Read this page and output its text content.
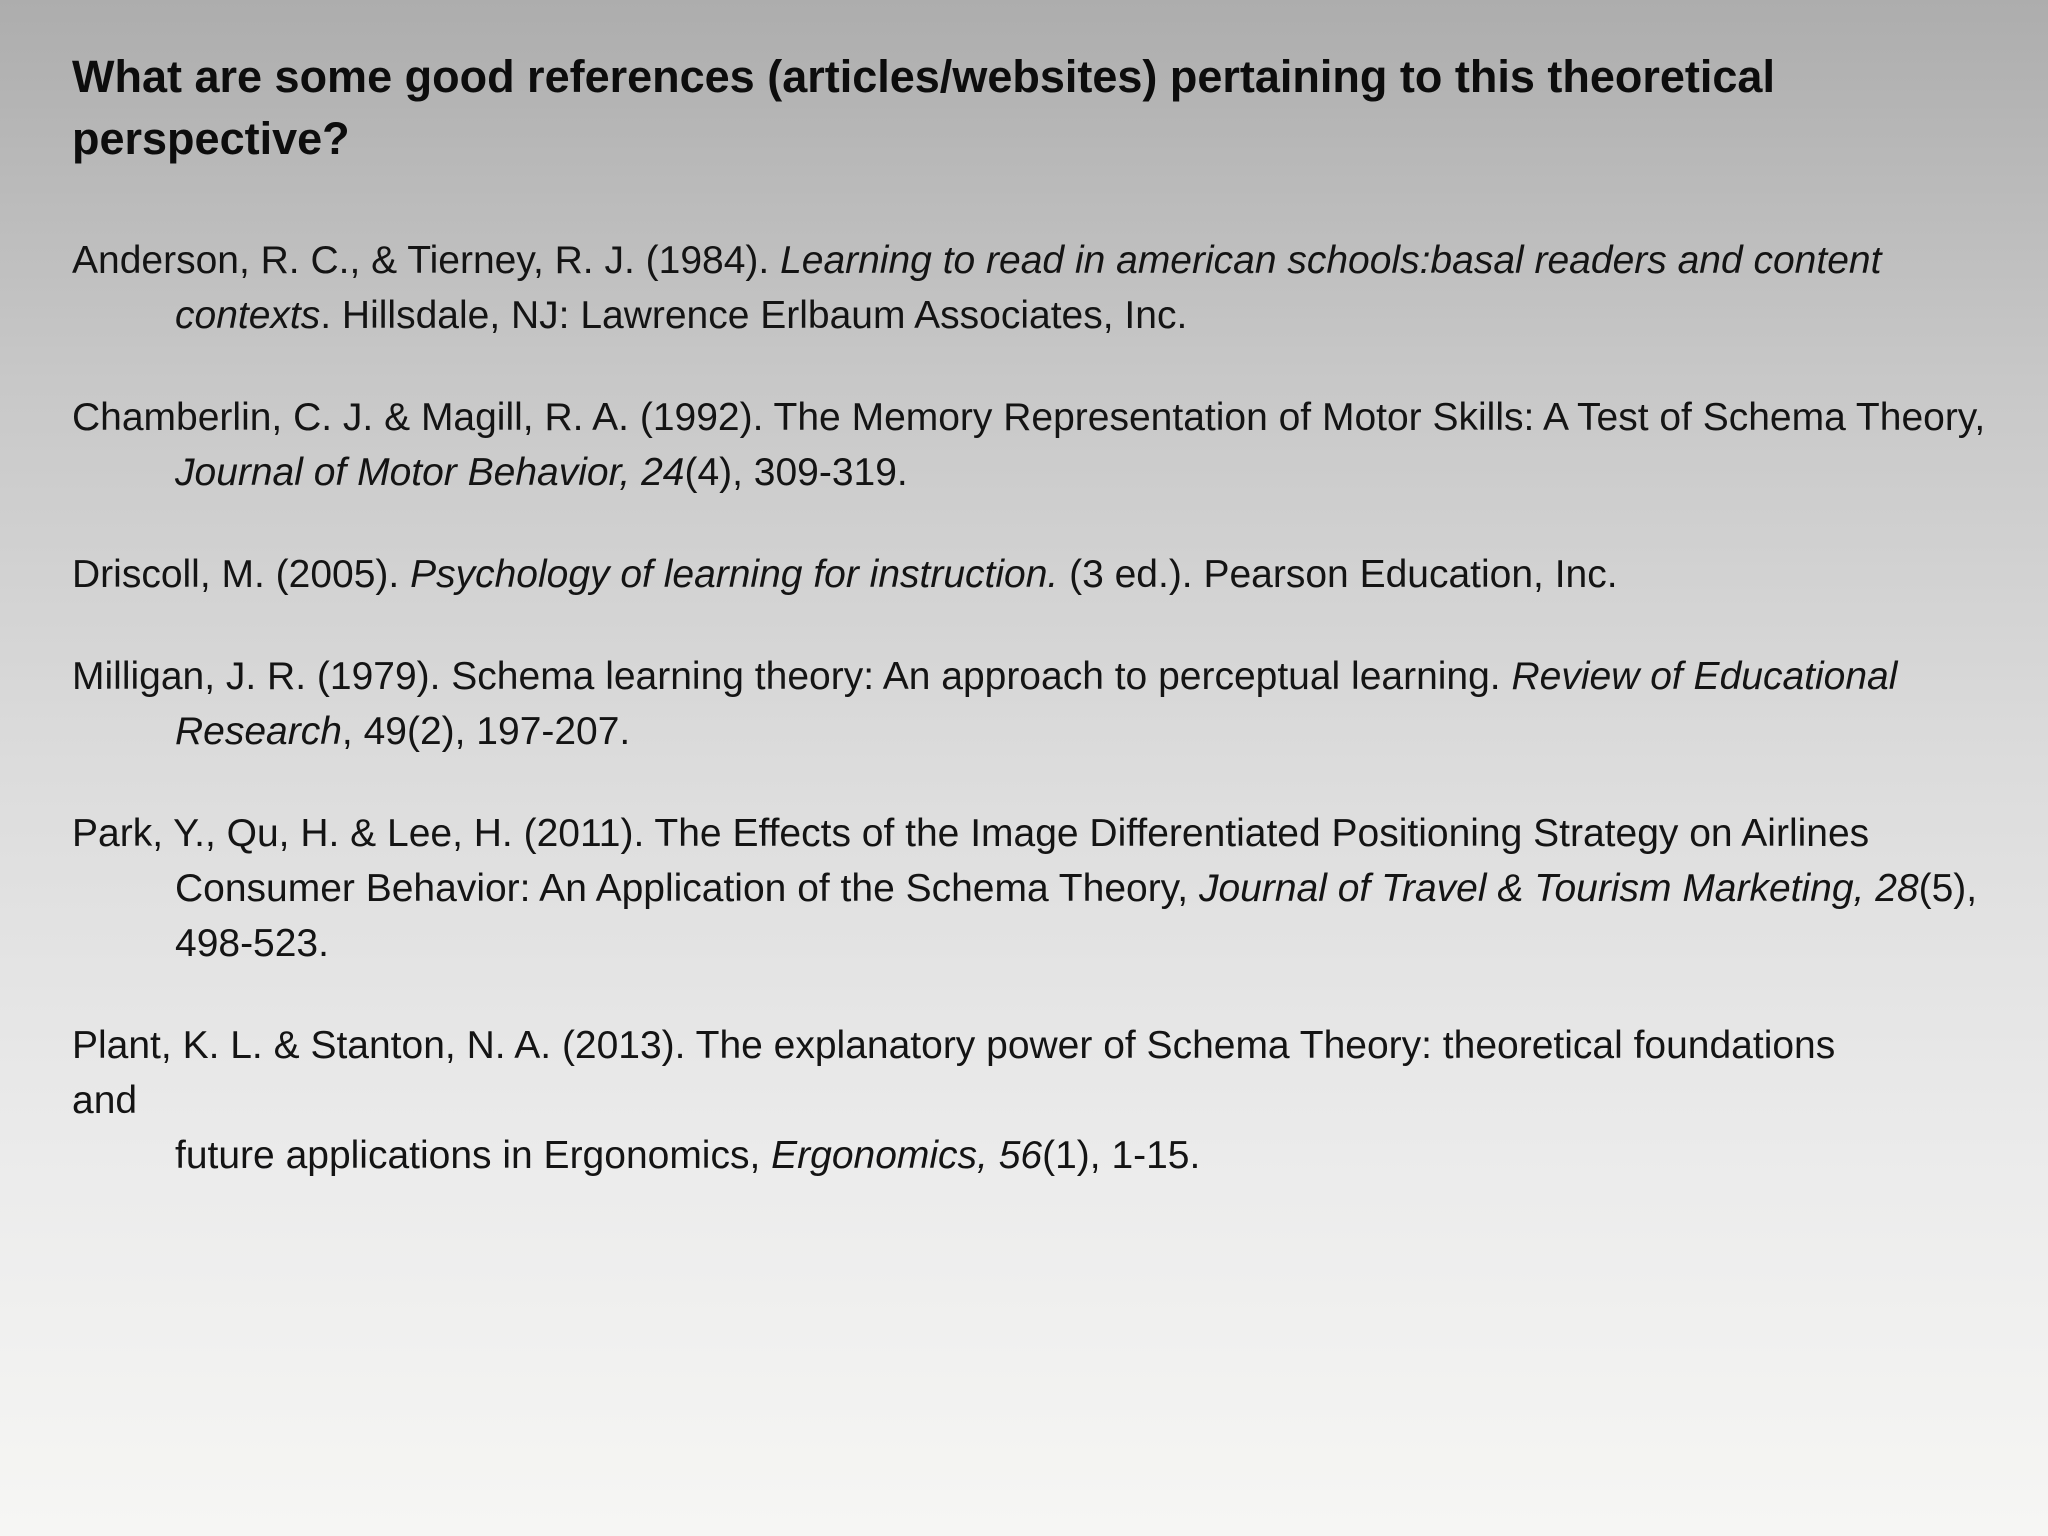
What are some good references (articles/websites) pertaining to this theoretical perspective?
Anderson, R. C., & Tierney, R. J. (1984). Learning to read in american schools:basal readers and content contexts. Hillsdale, NJ: Lawrence Erlbaum Associates, Inc.
Chamberlin, C. J. & Magill, R. A. (1992). The Memory Representation of Motor Skills: A Test of Schema Theory, Journal of Motor Behavior, 24(4), 309-319.
Driscoll, M. (2005). Psychology of learning for instruction. (3 ed.). Pearson Education, Inc.
Milligan, J. R. (1979). Schema learning theory: An approach to perceptual learning. Review of Educational Research, 49(2), 197-207.
Park, Y., Qu, H. & Lee, H. (2011). The Effects of the Image Differentiated Positioning Strategy on Airlines Consumer Behavior: An Application of the Schema Theory, Journal of Travel & Tourism Marketing, 28(5), 498-523.
Plant, K. L. & Stanton, N. A. (2013). The explanatory power of Schema Theory: theoretical foundations
and
future applications in Ergonomics, Ergonomics, 56(1), 1-15.
